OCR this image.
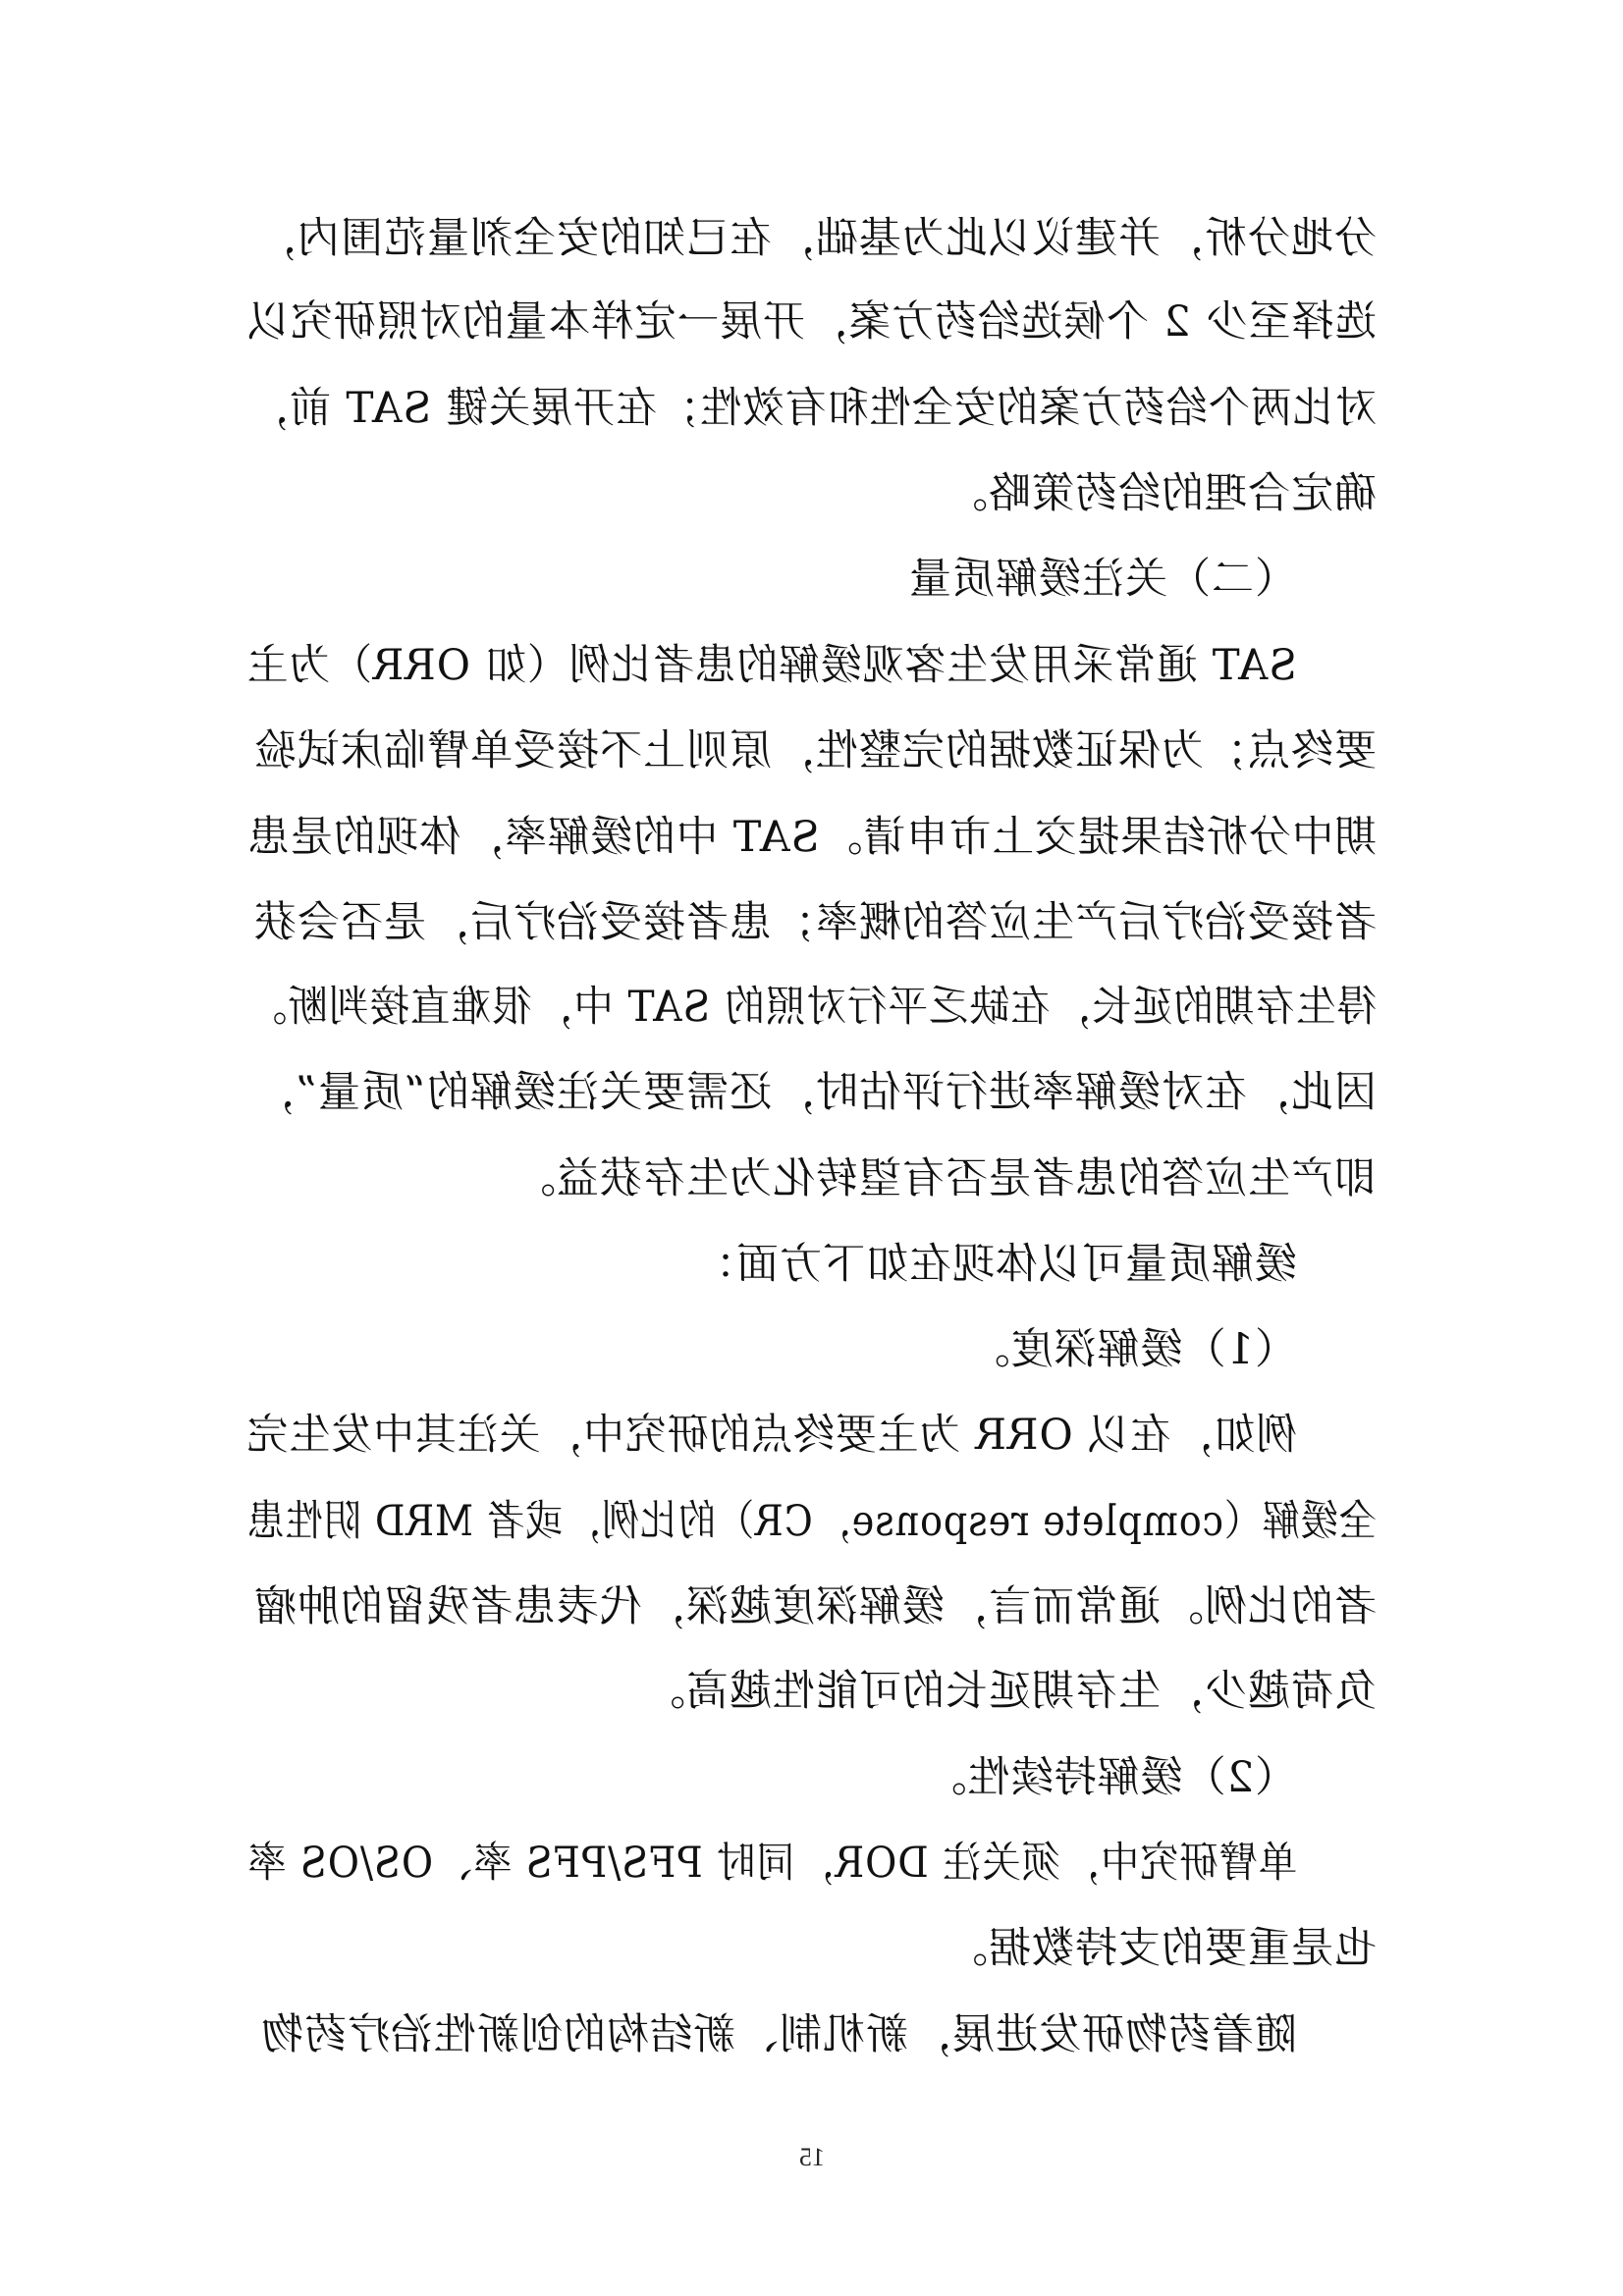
分地分析，并建议以此为基础，在已知的安全剂量范围内，
选择至少 2 个候选给药方案，开展一定样本量的对照研究以
对比两个给药方案的安全性和有效性；在开展关键 SAT 前，
确定合理的给药策略。
（二）关注缓解质量
SAT 通常采用发生客观缓解的患者比例（如 ORR）为主
要终点；为保证数据的完整性，原则上不接受单臂临床试验
期中分析结果提交上市申请。SAT 中的缓解率，体现的是患
者接受治疗后产生应答的概率；患者接受治疗后，是否会获
得生存期的延长，在缺乏平行对照的 SAT 中，很难直接判断。
因此，在对缓解率进行评估时，还需要关注缓解的“质量”，
即产生应答的患者是否有望转化为生存获益。
缓解质量可以体现在如下方面：
（1）缓解深度。
例如，在以 ORR 为主要终点的研究中，关注其中发生完
全缓解（complete response，CR）的比例，或者 MRD 阴性患
者的比例。通常而言，缓解深度越深，代表患者残留的肿瘤
负荷越少，生存期延长的可能性越高。
（2）缓解持续性。
单臂研究中，须关注 DOR，同时 PFS/PFS 率、OS/OS 率
也是重要的支持数据。
随着药物研发进展，新机制、新结构的创新性治疗药物
15
